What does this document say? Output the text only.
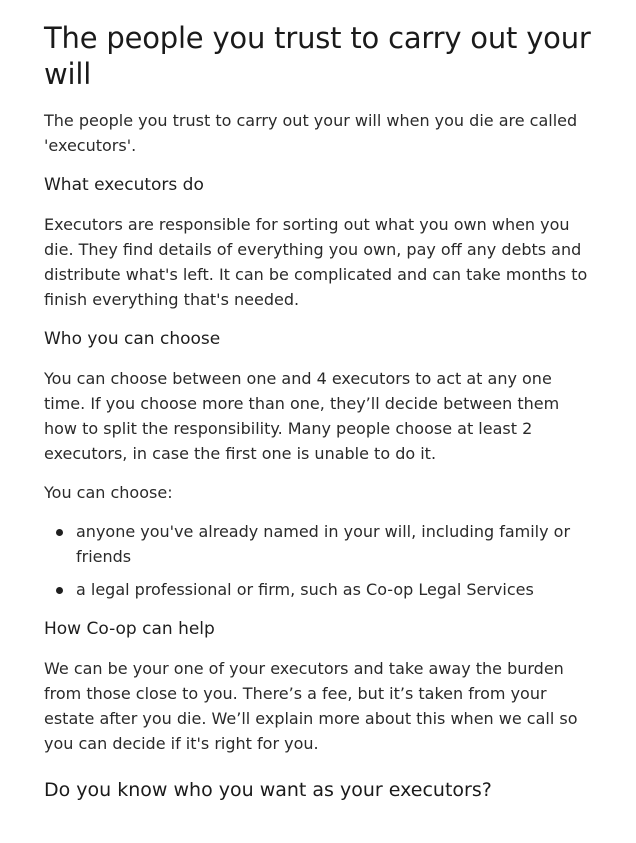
The people you trust to carry out your will

The people you trust to carry out your will when you die are called 'executors'.

What executors do

Executors are responsible for sorting out what you own when you die. They find details of everything you own, pay off any debts and distribute what's left. It can be complicated and can take months to finish everything that's needed.

Who you can choose

You can choose between one and 4 executors to act at any one time. If you choose more than one, they’ll decide between them how to split the responsibility. Many people choose at least 2 executors, in case the first one is unable to do it.

You can choose:

anyone you've already named in your will, including family or friends
a legal professional or firm, such as Co-op Legal Services
How Co-op can help

We can be your one of your executors and take away the burden from those close to you. There’s a fee, but it’s taken from your estate after you die. We’ll explain more about this when we call so you can decide if it's right for you.

Do you know who you want as your executors?
